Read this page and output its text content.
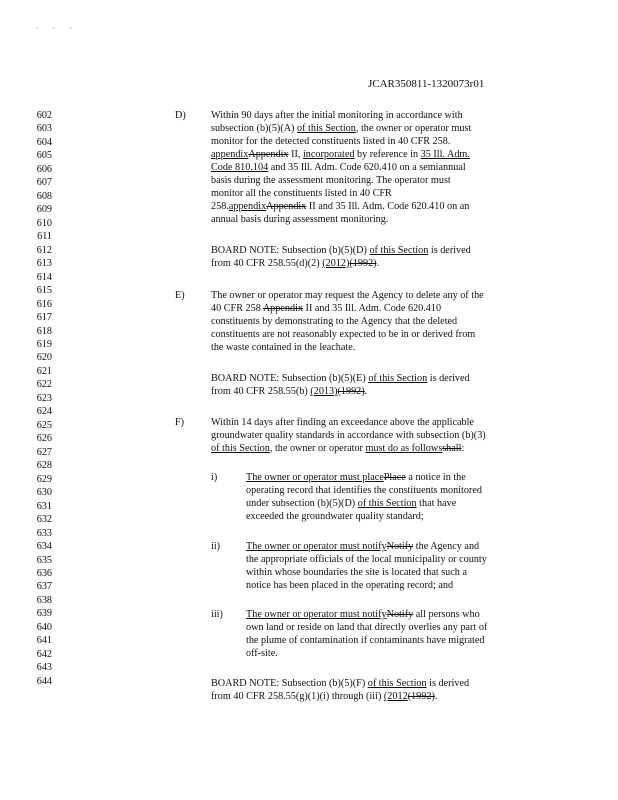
· · ·
JCAR350811-1320073r01
602
603
604
605
606
607
608
609
610
611
612
613
614
615
616
617
618
619
620
621
622
623
624
625
626
627
628
629
630
631
632
633
634
635
636
637
638
639
640
641
642
643
644
D) Within 90 days after the initial monitoring in accordance with
subsection (b)(5)(A) of this Section, the owner or operator must
monitor for the detected constituents listed in 40 CFR 258.
appendixAppendix II, incorporated by reference in 35 Ill. Adm.
Code 810.104 and 35 Ill. Adm. Code 620.410 on a semiannual
basis during the assessment monitoring. The operator must
monitor all the constituents listed in 40 CFR
258.appendixAppendix II and 35 Ill. Adm. Code 620.410 on an
annual basis during assessment monitoring.
BOARD NOTE: Subsection (b)(5)(D) of this Section is derived
from 40 CFR 258.55(d)(2) (2012)(1992).
E)	The owner or operator may request the Agency to delete any of the
40 CFR 258 Appendix II and 35 Ill. Adm. Code 620.410
constituents by demonstrating to the Agency that the deleted
constituents are not reasonably expected to be in or derived from
the waste contained in the leachate.
BOARD NOTE: Subsection (b)(5)(E) of this Section is derived
from 40 CFR 258.55(b) (2013)(1992).
F)	Within 14 days after finding an exceedance above the applicable
groundwater quality standards in accordance with subsection (b)(3)
of this Section, the owner or operator must do as followsshall:
i)	The owner or operator must placePlace a notice in the
operating record that identifies the constituents monitored
under subsection (b)(5)(D) of this Section that have
exceeded the groundwater quality standard;
ii)	The owner or operator must notifyNotify the Agency and
the appropriate officials of the local municipality or county
within whose boundaries the site is located that such a
notice has been placed in the operating record; and
iii) The owner or operator must notifyNotify all persons who
own land or reside on land that directly overlies any part of
the plume of contamination if contaminants have migrated
off-site.
BOARD NOTE: Subsection (b)(5)(F) of this Section is derived
from 40 CFR 258.55(g)(1)(i) through (iii) (2012(1992).
